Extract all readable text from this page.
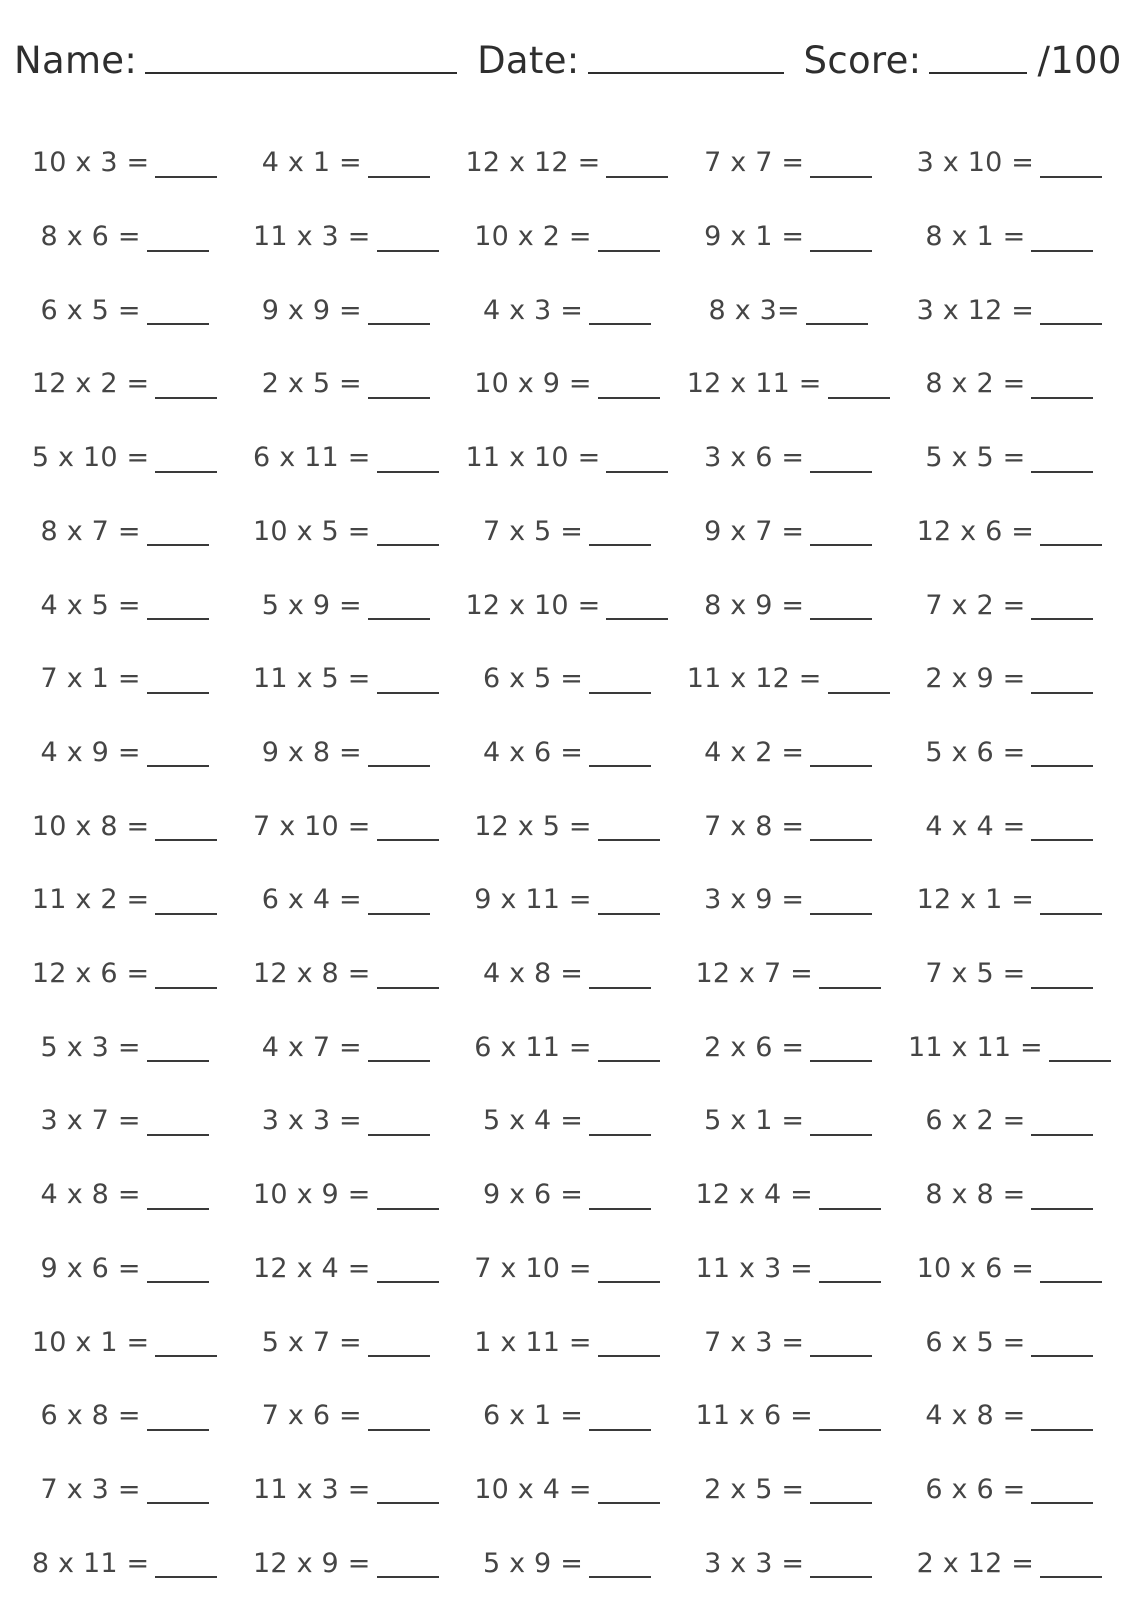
Name:	Date:	Score:	/100
10 x 3 =	4 x 1 =	12 x 12 =	7 x 7 =	3 x 10 =
8 x 6 =	11 x 3 =	10 x 2 =	9 x 1 =	8 x 1 =
6 x 5 =	9 x 9 =	4 x 3 =	8 x 3=	3 x 12 =
12 x 2 =	2 x 5 =	10 x 9 =	12 x 11 =	8 x 2 =
5 x 10 =	6 x 11 =	11 x 10 =	3 x 6 =	5 x 5 =
8 x 7 =	10 x 5 =	7 x 5 =	9 x 7 =	12 x 6 =
4 x 5 =	5 x 9 =	12 x 10 =	8 x 9 =	7 x 2 =
7 x 1 =	11 x 5 =	6 x 5 =	11 x 12 =	2 x 9 =
4 x 9 =	9 x 8 =	4 x 6 =	4 x 2 =	5 x 6 =
10 x 8 =	7 x 10 =	12 x 5 =	7 x 8 =	4 x 4 =
11 x 2 =	6 x 4 =	9 x 11 =	3 x 9 =	12 x 1 =
12 x 6 =	12 x 8 =	4 x 8 =	12 x 7 =	7 x 5 =
5 x 3 =	4 x 7 =	6 x 11 =	2 x 6 =	11 x 11 =
3 x 7 =	3 x 3 =	5 x 4 =	5 x 1 =	6 x 2 =
4 x 8 =	10 x 9 =	9 x 6 =	12 x 4 =	8 x 8 =
9 x 6 =	12 x 4 =	7 x 10 =	11 x 3 =	10 x 6 =
10 x 1 =	5 x 7 =	1 x 11 =	7 x 3 =	6 x 5 =
6 x 8 =	7 x 6 =	6 x 1 =	11 x 6 =	4 x 8 =
7 x 3 =	11 x 3 =	10 x 4 =	2 x 5 =	6 x 6 =
8 x 11 =	12 x 9 =	5 x 9 =	3 x 3 =	2 x 12 =
